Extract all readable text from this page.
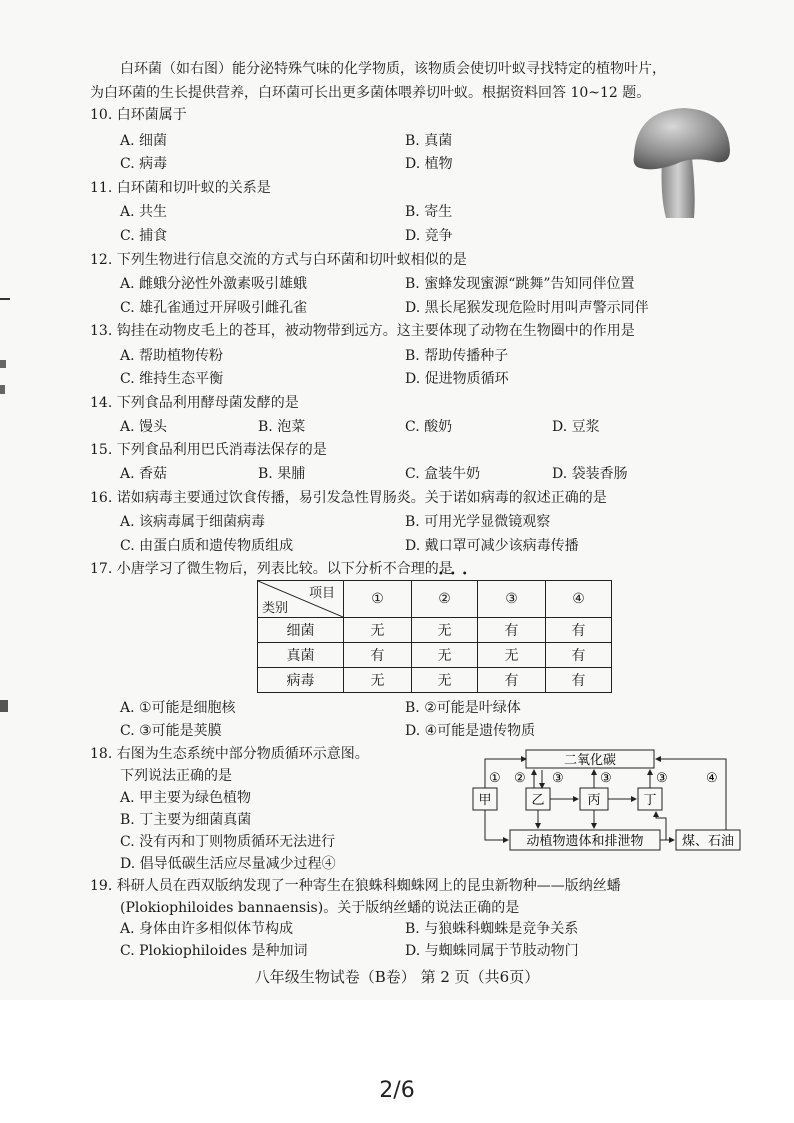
白环菌（如右图）能分泌特殊气味的化学物质，该物质会使切叶蚁寻找特定的植物叶片，
为白环菌的生长提供营养，白环菌可长出更多菌体喂养切叶蚁。根据资料回答 10~12 题。
10. 白环菌属于
A. 细菌	B. 真菌
C. 病毒	D. 植物
11. 白环菌和切叶蚁的关系是
A. 共生	B. 寄生
C. 捕食	D. 竞争
12. 下列生物进行信息交流的方式与白环菌和切叶蚁相似的是
A. 雌蛾分泌性外激素吸引雄蛾	B. 蜜蜂发现蜜源“跳舞”告知同伴位置
C. 雄孔雀通过开屏吸引雌孔雀	D. 黑长尾猴发现危险时用叫声警示同伴
13. 钩挂在动物皮毛上的苍耳，被动物带到远方。这主要体现了动物在生物圈中的作用是
A. 帮助植物传粉	B. 帮助传播种子
C. 维持生态平衡	D. 促进物质循环
14. 下列食品利用酵母菌发酵的是
A. 馒头	B. 泡菜	C. 酸奶	D. 豆浆
15. 下列食品利用巴氏消毒法保存的是
A. 香菇	B. 果脯	C. 盒装牛奶	D. 袋装香肠
16. 诺如病毒主要通过饮食传播，易引发急性胃肠炎。关于诺如病毒的叙述正确的是
A. 该病毒属于细菌病毒	B. 可用光学显微镜观察
C. 由蛋白质和遗传物质组成	D. 戴口罩可减少该病毒传播
17. 小唐学习了微生物后，列表比较。以下分析不合理的是
•••
项目
类别	①	②	③	④
细菌	无	无	有	有
真菌	有	无	无	有
病毒	无	无	有	有
A. ①可能是细胞核	B. ②可能是叶绿体
C. ③可能是荚膜	D. ④可能是遗传物质
18. 右图为生态系统中部分物质循环示意图。
下列说法正确的是
A. 甲主要为绿色植物
B. 丁主要为细菌真菌
C. 没有丙和丁则物质循环无法进行
D. 倡导低碳生活应尽量减少过程④
二氧化碳
甲	乙	丙	丁
动植物遗体和排泄物	煤、石油
① ② ③	③	③	④
19. 科研人员在西双版纳发现了一种寄生在狼蛛科蜘蛛网上的昆虫新物种——版纳丝蟠
(Plokiophiloides bannaensis)。关于版纳丝蟠的说法正确的是
A. 身体由许多相似体节构成	B. 与狼蛛科蜘蛛是竞争关系
C. Plokiophiloides 是种加词	D. 与蜘蛛同属于节肢动物门
八年级生物试卷（B卷） 第 2 页（共6页）
2/6
